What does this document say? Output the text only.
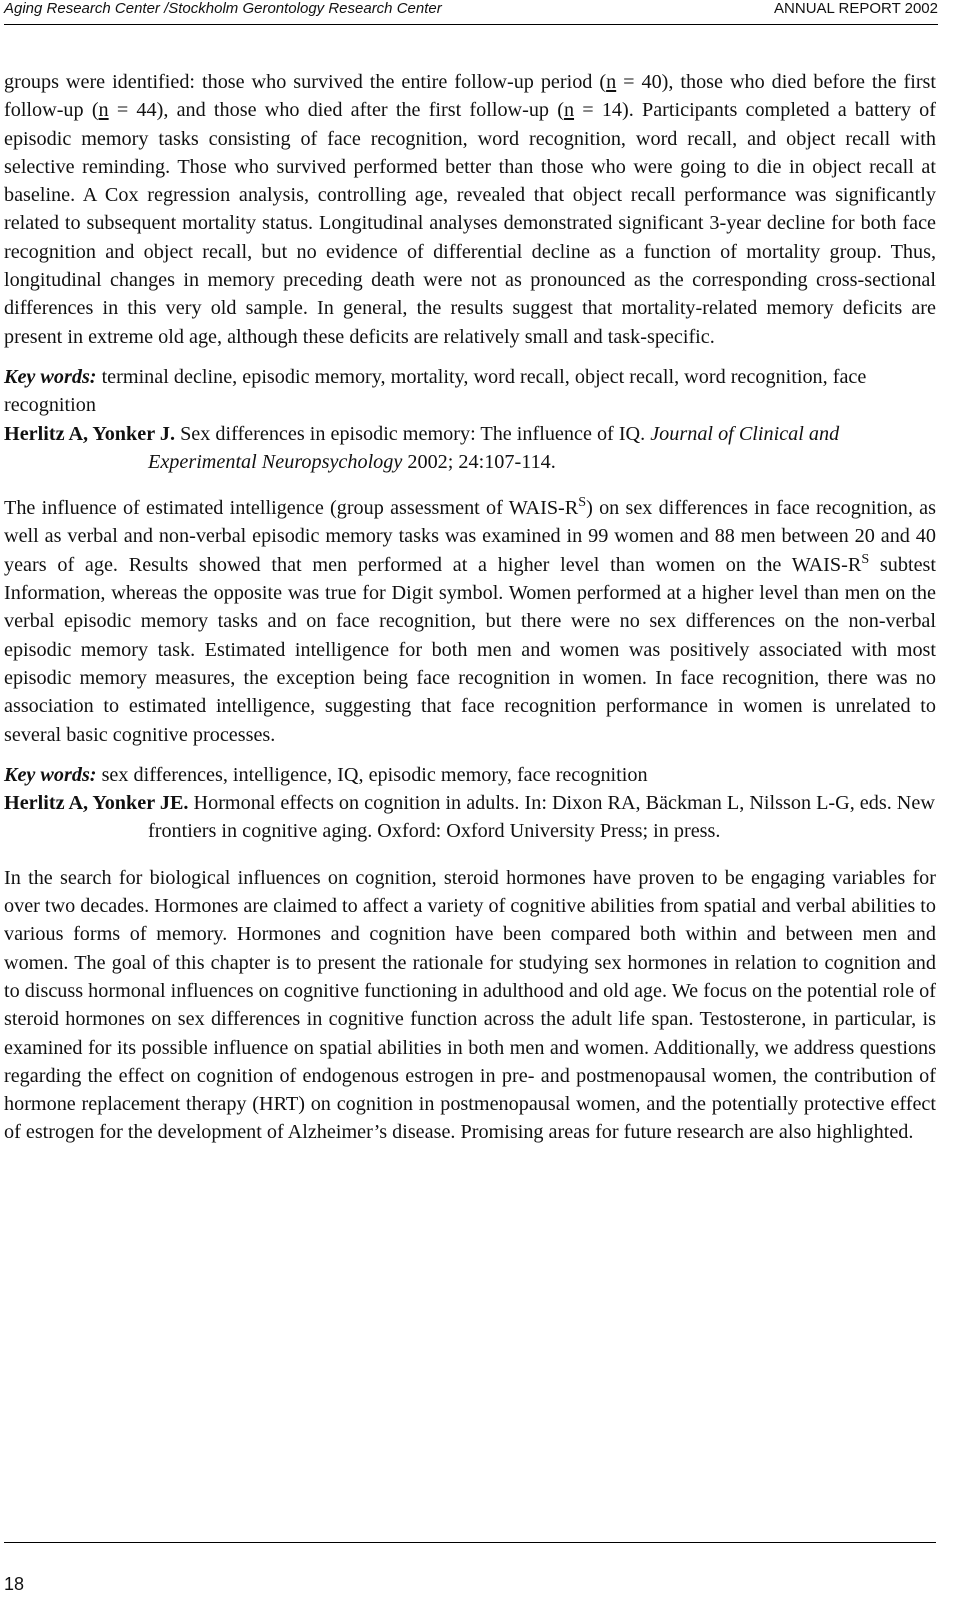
Aging Research Center /Stockholm Gerontology Research Center	ANNUAL REPORT 2002

groups were identified: those who survived the entire follow-up period (n = 40), those who died before the first follow-up (n = 44), and those who died after the first follow-up (n = 14). Participants completed a battery of episodic memory tasks consisting of face recognition, word recognition, word recall, and object recall with selective reminding. Those who survived performed better than those who were going to die in object recall at baseline. A Cox regression analysis, controlling age, revealed that object recall performance was significantly related to subsequent mortality status. Longitudinal analyses demonstrated significant 3-year decline for both face recognition and object recall, but no evidence of differential decline as a function of mortality group. Thus, longitudinal changes in memory preceding death were not as pronounced as the corresponding cross-sectional differences in this very old sample. In general, the results suggest that mortality-related memory deficits are present in extreme old age, although these deficits are relatively small and task-specific.

Key words: terminal decline, episodic memory, mortality, word recall, object recall, word recognition, face recognition

Herlitz A, Yonker J. Sex differences in episodic memory: The influence of IQ. Journal of Clinical and Experimental Neuropsychology 2002; 24:107-114.

The influence of estimated intelligence (group assessment of WAIS-$R^S$) on sex differences in face recognition, as well as verbal and non-verbal episodic memory tasks was examined in 99 women and 88 men between 20 and 40 years of age. Results showed that men performed at a higher level than women on the WAIS-$R^S$ subtest Information, whereas the opposite was true for Digit symbol. Women performed at a higher level than men on the verbal episodic memory tasks and on face recognition, but there were no sex differences on the non-verbal episodic memory task. Estimated intelligence for both men and women was positively associated with most episodic memory measures, the exception being face recognition in women. In face recognition, there was no association to estimated intelligence, suggesting that face recognition performance in women is unrelated to several basic cognitive processes.

Key words: sex differences, intelligence, IQ, episodic memory, face recognition

Herlitz A, Yonker JE. Hormonal effects on cognition in adults. In: Dixon RA, Bäckman L, Nilsson L-G, eds. New frontiers in cognitive aging. Oxford: Oxford University Press; in press.

In the search for biological influences on cognition, steroid hormones have proven to be engaging variables for over two decades. Hormones are claimed to affect a variety of cognitive abilities from spatial and verbal abilities to various forms of memory. Hormones and cognition have been compared both within and between men and women. The goal of this chapter is to present the rationale for studying sex hormones in relation to cognition and to discuss hormonal influences on cognitive functioning in adulthood and old age. We focus on the potential role of steroid hormones on sex differences in cognitive function across the adult life span. Testosterone, in particular, is examined for its possible influence on spatial abilities in both men and women. Additionally, we address questions regarding the effect on cognition of endogenous estrogen in pre- and postmenopausal women, the contribution of hormone replacement therapy (HRT) on cognition in postmenopausal women, and the potentially protective effect of estrogen for the development of Alzheimer’s disease. Promising areas for future research are also highlighted.

18
